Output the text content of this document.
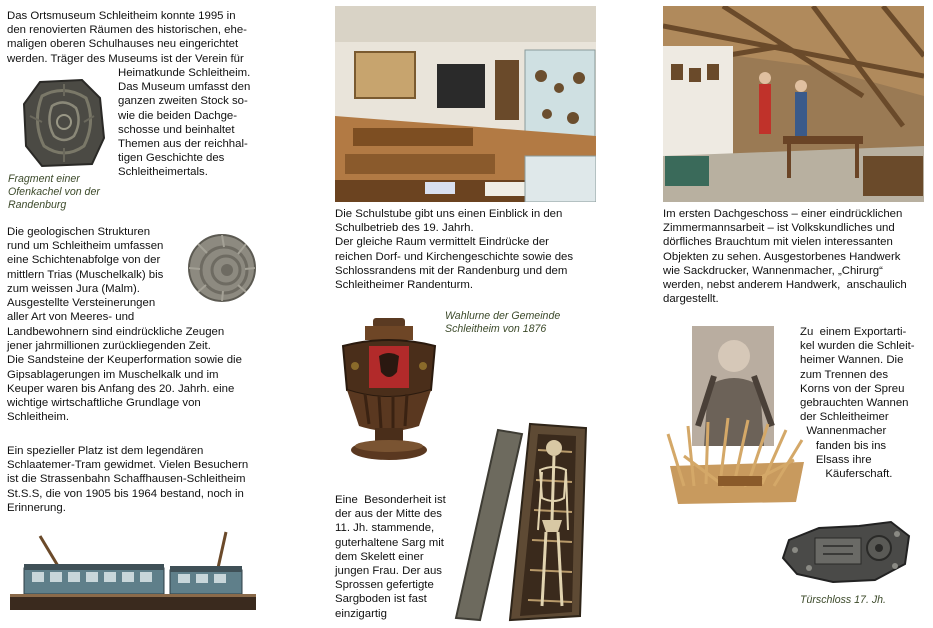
Das Ortsmuseum Schleitheim konnte 1995 in
den renovierten Räumen des historischen, ehe-
maligen oberen Schulhauses neu eingerichtet
werden. Träger des Museums ist der Verein für

Heimatkunde Schleitheim.
Das Museum umfasst den
ganzen zweiten Stock so-
wie die beiden Dachge-
schosse und beinhaltet
Themen aus der reichhal-
tigen Geschichte des
Schleitheimertals.

Fragment einer
Ofenkachel von der
Randenburg

Die geologischen Strukturen
rund um Schleitheim umfassen
eine Schichtenabfolge von der
mittlern Trias (Muschelkalk) bis
zum weissen Jura (Malm).
Ausgestellte Versteinerungen
aller Art von Meeres- und

Landbewohnern sind eindrückliche Zeugen
jener jahrmillionen zurückliegenden Zeit.
Die Sandsteine der Keuperformation sowie die
Gipsablagerungen im Muschelkalk und im
Keuper waren bis Anfang des 20. Jahrh. eine
wichtige wirtschaftliche Grundlage von
Schleitheim.

Ein spezieller Platz ist dem legendären
Schlaatemer-Tram gewidmet. Vielen Besuchern
ist die Strassenbahn Schaffhausen-Schleitheim
St.S.S, die von 1905 bis 1964 bestand, noch in
Erinnerung.

Die Schulstube gibt uns einen Einblick in den
Schulbetrieb des 19. Jahrh.
Der gleiche Raum vermittelt Eindrücke der
reichen Dorf- und Kirchengeschichte sowie des
Schlossrandens mit der Randenburg und dem
Schleitheimer Randenturm.

Wahlurne der Gemeinde
Schleitheim von 1876

Eine  Besonderheit ist
der aus der Mitte des
11. Jh. stammende,
guterhaltene Sarg mit
dem Skelett einer
jungen Frau. Der aus
Sprossen gefertigte
Sargboden ist fast
einzigartig

Im ersten Dachgeschoss – einer eindrücklichen
Zimmermannsarbeit – ist Volkskundliches und
dörfliches Brauchtum mit vielen interessanten
Objekten zu sehen. Ausgestorbenes Handwerk
wie Sackdrucker, Wannenmacher, „Chirurg“
werden, nebst anderem Handwerk,  anschaulich
dargestellt.

Zu  einem Exportarti-
kel wurden die Schleit-
heimer Wannen. Die
zum Trennen des
Korns von der Spreu
gebrauchten Wannen
der Schleitheimer
Wannenmacher
fanden bis ins
Elsass ihre
Käuferschaft.

Türschloss 17. Jh.
